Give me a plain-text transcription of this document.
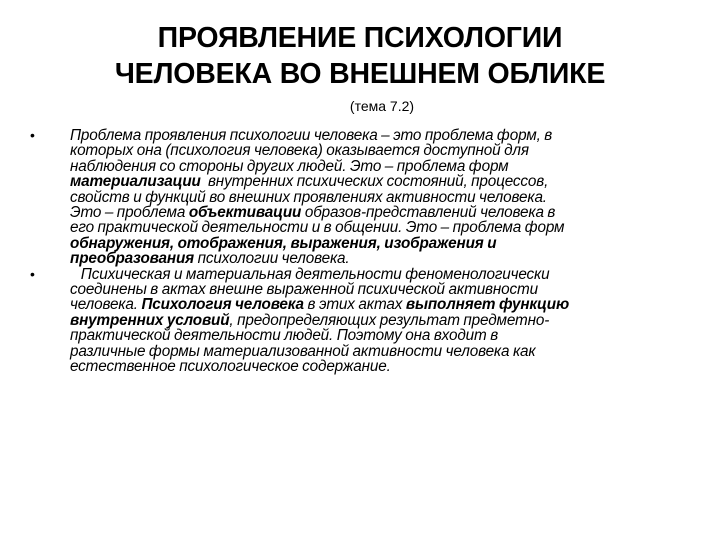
ПРОЯВЛЕНИЕ ПСИХОЛОГИИ
ЧЕЛОВЕКА ВО ВНЕШНЕМ ОБЛИКЕ
(тема 7.2)
• Проблема проявления психологии человека – это проблема форм, в
которых она (психология человека) оказывается доступной для
наблюдения со стороны других людей. Это – проблема форм
материализации  внутренних психических состояний, процессов,
свойств и функций во внешних проявлениях активности человека.
Это – проблема объективации образов-представлений человека в
его практической деятельности и в общении. Это – проблема форм
обнаружения, отображения, выражения, изображения и
преобразования психологии человека.
• Психическая и материальная деятельности феноменологически
соединены в актах внешне выраженной психической активности
человека. Психология человека в этих актах выполняет функцию
внутренних условий, предопределяющих результат предметно-
практической деятельности людей. Поэтому она входит в
различные формы материализованной активности человека как
естественное психологическое содержание.
